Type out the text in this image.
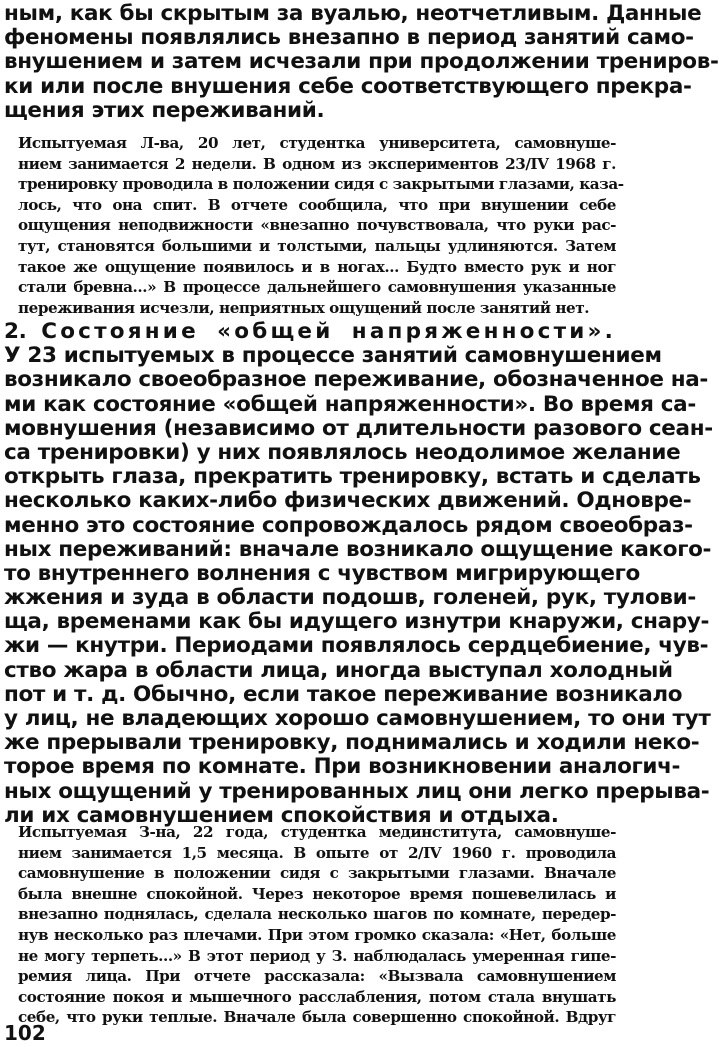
ным, как бы скрытым за вуалью, неотчетливым. Данные
феномены появлялись внезапно в период занятий само-
внушением и затем исчезали при продолжении трениров-
ки или после внушения себе соответствующего прекра-
щения этих переживаний.
Испытуемая Л-ва, 20 лет, студентка университета, самовнуше-
нием занимается 2 недели. В одном из экспериментов 23/IV 1968 г.
тренировку проводила в положении сидя с закрытыми глазами, каза-
лось, что она спит. В отчете сообщила, что при внушении себе
ощущения неподвижности «внезапно почувствовала, что руки рас-
тут, становятся большими и толстыми, пальцы удлиняются. Затем
такое же ощущение появилось и в ногах... Будто вместо рук и ног
стали бревна...» В процессе дальнейшего самовнушения указанные
переживания исчезли, неприятных ощущений после занятий нет.
2. Состояние «общей напряженности».
У 23 испытуемых в процессе занятий самовнушением
возникало своеобразное переживание, обозначенное на-
ми как состояние «общей напряженности». Во время са-
мовнушения (независимо от длительности разового сеан-
са тренировки) у них появлялось неодолимое желание
открыть глаза, прекратить тренировку, встать и сделать
несколько каких-либо физических движений. Одновре-
менно это состояние сопровождалось рядом своеобраз-
ных переживаний: вначале возникало ощущение какого-
то внутреннего волнения с чувством мигрирующего
жжения и зуда в области подошв, голеней, рук, тулови-
ща, временами как бы идущего изнутри кнаружи, снару-
жи — кнутри. Периодами появлялось сердцебиение, чув-
ство жара в области лица, иногда выступал холодный
пот и т. д. Обычно, если такое переживание возникало
у лиц, не владеющих хорошо самовнушением, то они тут
же прерывали тренировку, поднимались и ходили неко-
торое время по комнате. При возникновении аналогич-
ных ощущений у тренированных лиц они легко прерыва-
ли их самовнушением спокойствия и отдыха.
Испытуемая З-на, 22 года, студентка мединститута, самовнуше-
нием занимается 1,5 месяца. В опыте от 2/IV 1960 г. проводила
самовнушение в положении сидя с закрытыми глазами. Вначале
была внешне спокойной. Через некоторое время пошевелилась и
внезапно поднялась, сделала несколько шагов по комнате, передер-
нув несколько раз плечами. При этом громко сказала: «Нет, больше
не могу терпеть...» В этот период у З. наблюдалась умеренная гипе-
ремия лица. При отчете рассказала: «Вызвала самовнушением
состояние покоя и мышечного расслабления, потом стала внушать
себе, что руки теплые. Вначале была совершенно спокойной. Вдруг
102
